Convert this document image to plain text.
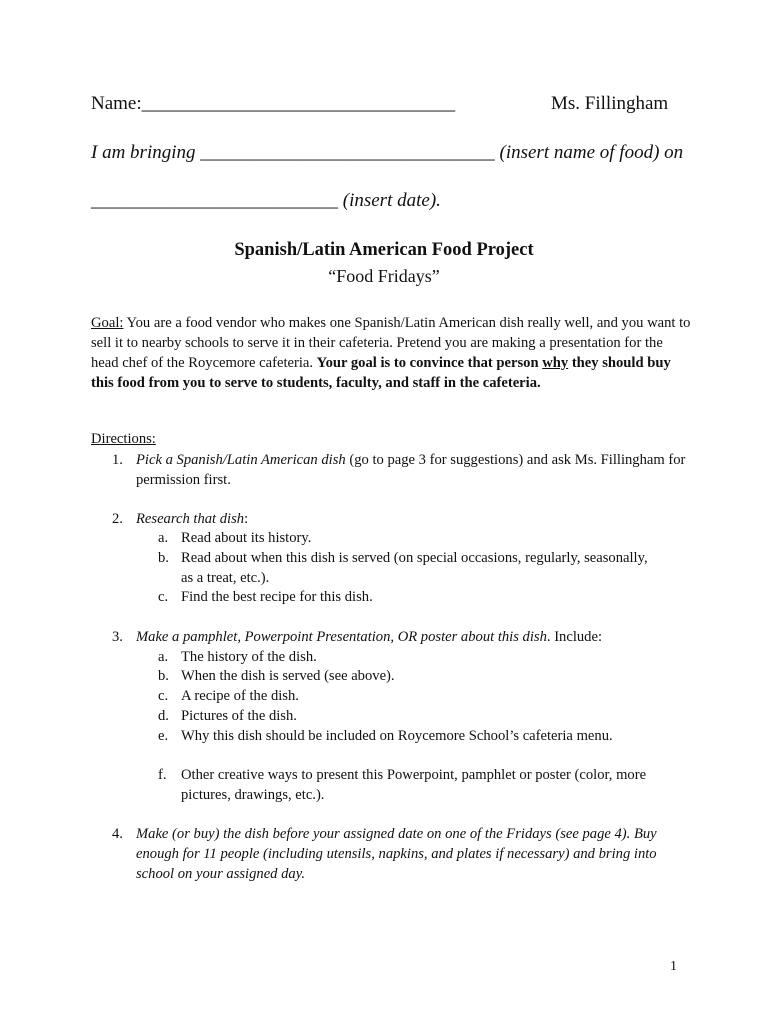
Name:_________________________________	Ms. Fillingham
I am bringing _______________________________ (insert name of food) on
__________________________ (insert date).
Spanish/Latin American Food Project
“Food Fridays”
Goal: You are a food vendor who makes one Spanish/Latin American dish really well, and you want to sell it to nearby schools to serve it in their cafeteria. Pretend you are making a presentation for the head chef of the Roycemore cafeteria. Your goal is to convince that person why they should buy this food from you to serve to students, faculty, and staff in the cafeteria.
Directions:
1. Pick a Spanish/Latin American dish (go to page 3 for suggestions) and ask Ms. Fillingham for permission first.
2. Research that dish:
a. Read about its history.
b. Read about when this dish is served (on special occasions, regularly, seasonally, as a treat, etc.).
c. Find the best recipe for this dish.
3. Make a pamphlet, Powerpoint Presentation, OR poster about this dish. Include:
a. The history of the dish.
b. When the dish is served (see above).
c. A recipe of the dish.
d. Pictures of the dish.
e. Why this dish should be included on Roycemore School’s cafeteria menu.
f. Other creative ways to present this Powerpoint, pamphlet or poster (color, more pictures, drawings, etc.).
4. Make (or buy) the dish before your assigned date on one of the Fridays (see page 4). Buy enough for 11 people (including utensils, napkins, and plates if necessary) and bring into school on your assigned day.
1
